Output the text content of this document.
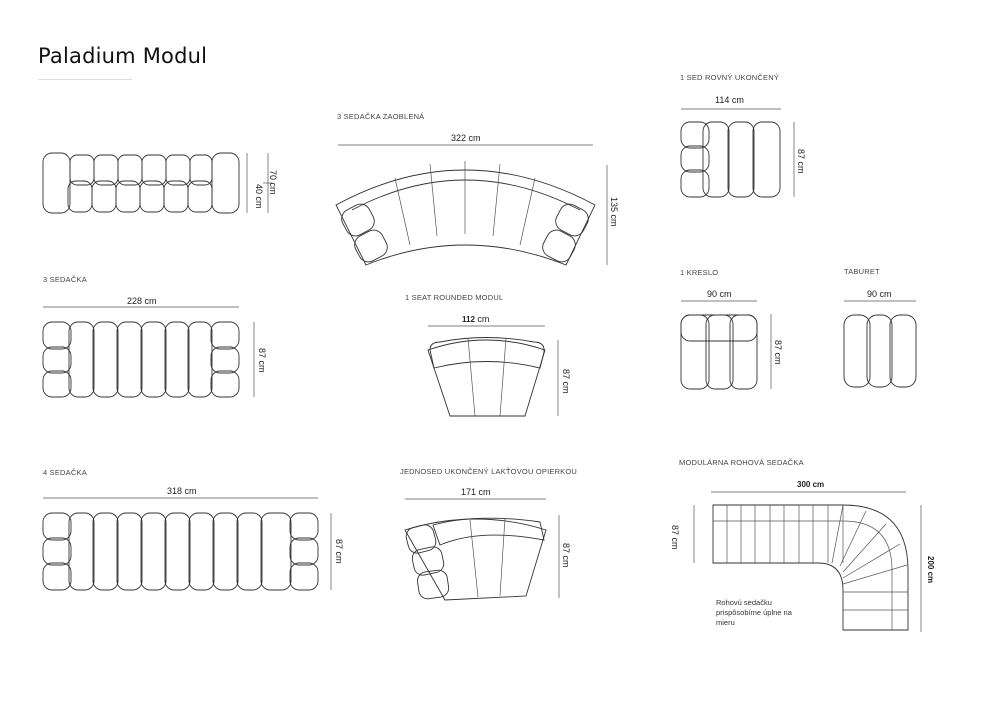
Paladium Modul
70 cm
40 cm
3 SEDAČKA ZAOBLENÁ
322 cm
135 cm
1 SED ROVNÝ UKONČENÝ
114 cm
87 cm
3 SEDAČKA
228 cm
87 cm
1 SEAT ROUNDED MODUL
112 cm
87 cm
1 KRESLO
90 cm
87 cm
TABURET
90 cm
4 SEDAČKA
318 cm
87 cm
JEDNOSED UKONČENÝ LAKŤOVOU OPIERKOU
171 cm
87 cm
MODULÁRNA ROHOVÁ SEDAČKA
300 cm
87 cm
200 cm
Rohovú sedačku prispôsobíme úplne na mieru
